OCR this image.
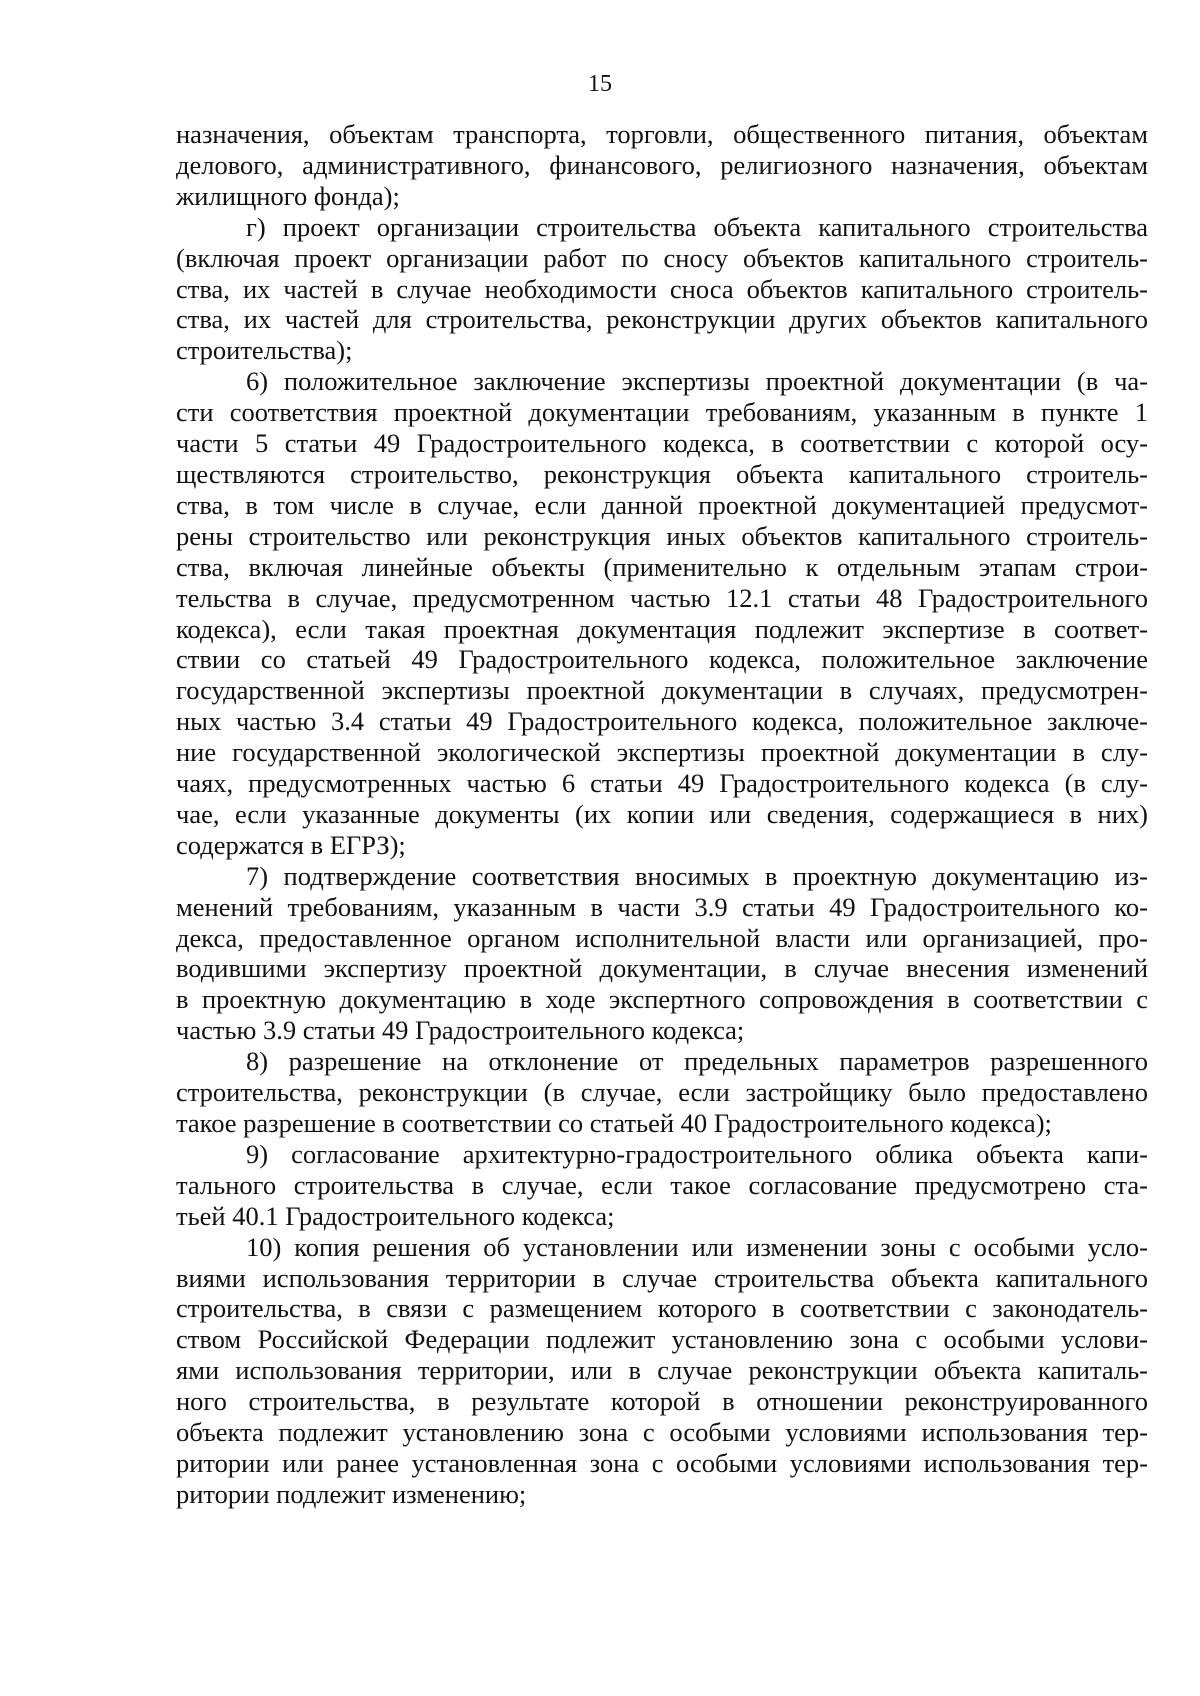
15

назначения, объектам транспорта, торговли, общественного питания, объектам
делового, административного, финансового, религиозного назначения, объектам
жилищного фонда);

г) проект организации строительства объекта капитального строительства
(включая проект организации работ по сносу объектов капитального строитель-
ства, их частей в случае необходимости сноса объектов капитального строитель-
ства, их частей для строительства, реконструкции других объектов капитального
строительства);

6) положительное заключение экспертизы проектной документации (в ча-
сти соответствия проектной документации требованиям, указанным в пункте 1
части 5 статьи 49 Градостроительного кодекса, в соответствии с которой осу-
ществляются строительство, реконструкция объекта капитального строитель-
ства, в том числе в случае, если данной проектной документацией предусмот-
рены строительство или реконструкция иных объектов капитального строитель-
ства, включая линейные объекты (применительно к отдельным этапам строи-
тельства в случае, предусмотренном частью 12.1 статьи 48 Градостроительного
кодекса), если такая проектная документация подлежит экспертизе в соответ-
ствии со статьей 49 Градостроительного кодекса, положительное заключение
государственной экспертизы проектной документации в случаях, предусмотрен-
ных частью 3.4 статьи 49 Градостроительного кодекса, положительное заключе-
ние государственной экологической экспертизы проектной документации в слу-
чаях, предусмотренных частью 6 статьи 49 Градостроительного кодекса (в слу-
чае, если указанные документы (их копии или сведения, содержащиеся в них)
содержатся в ЕГРЗ);

7) подтверждение соответствия вносимых в проектную документацию из-
менений требованиям, указанным в части 3.9 статьи 49 Градостроительного ко-
декса, предоставленное органом исполнительной власти или организацией, про-
водившими экспертизу проектной документации, в случае внесения изменений
в проектную документацию в ходе экспертного сопровождения в соответствии с
частью 3.9 статьи 49 Градостроительного кодекса;

8) разрешение на отклонение от предельных параметров разрешенного
строительства, реконструкции (в случае, если застройщику было предоставлено
такое разрешение в соответствии со статьей 40 Градостроительного кодекса);

9) согласование архитектурно-градостроительного облика объекта капи-
тального строительства в случае, если такое согласование предусмотрено ста-
тьей 40.1 Градостроительного кодекса;

10) копия решения об установлении или изменении зоны с особыми усло-
виями использования территории в случае строительства объекта капитального
строительства, в связи с размещением которого в соответствии с законодатель-
ством Российской Федерации подлежит установлению зона с особыми услови-
ями использования территории, или в случае реконструкции объекта капиталь-
ного строительства, в результате которой в отношении реконструированного
объекта подлежит установлению зона с особыми условиями использования тер-
ритории или ранее установленная зона с особыми условиями использования тер-
ритории подлежит изменению;
